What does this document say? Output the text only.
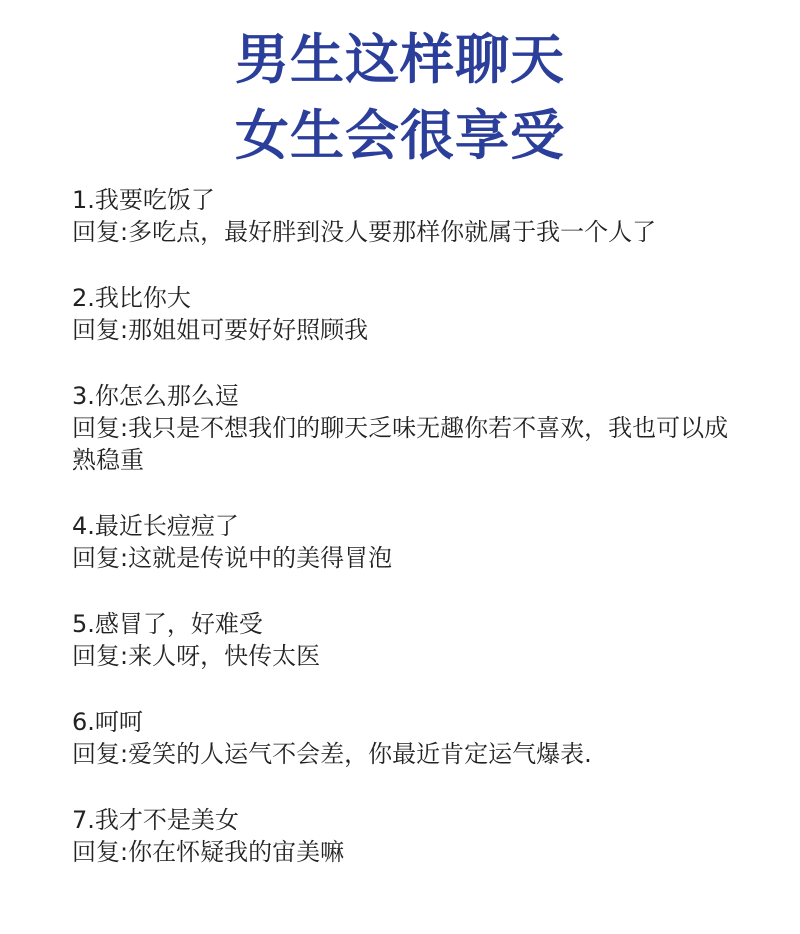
男生这样聊天
女生会很享受
1.我要吃饭了
回复:多吃点，最好胖到没人要那样你就属于我一个人了
2.我比你大
回复:那姐姐可要好好照顾我
3.你怎么那么逗
回复:我只是不想我们的聊天乏味无趣你若不喜欢，我也可以成熟稳重
4.最近长痘痘了
回复:这就是传说中的美得冒泡
5.感冒了，好难受
回复:来人呀，快传太医
6.呵呵
回复:爱笑的人运气不会差，你最近肯定运气爆表.
7.我才不是美女
回复:你在怀疑我的宙美嘛
